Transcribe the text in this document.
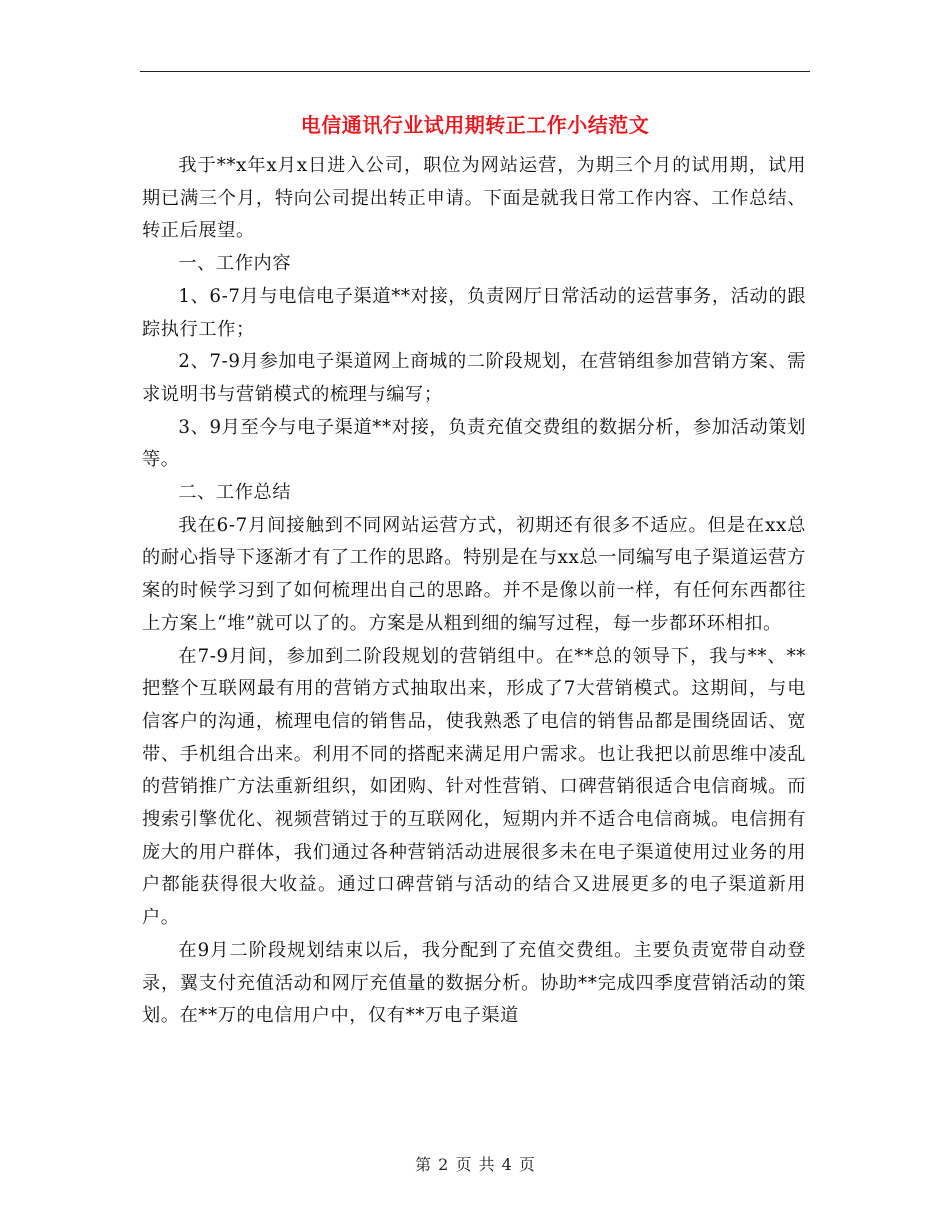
电信通讯行业试用期转正工作小结范文

我于**x年x月x日进入公司，职位为网站运营，为期三个月的试用期，试用期已满三个月，特向公司提出转正申请。下面是就我日常工作内容、工作总结、转正后展望。

一、工作内容

1、6-7月与电信电子渠道**对接，负责网厅日常活动的运营事务，活动的跟踪执行工作；

2、7-9月参加电子渠道网上商城的二阶段规划，在营销组参加营销方案、需求说明书与营销模式的梳理与编写；

3、9月至今与电子渠道**对接，负责充值交费组的数据分析，参加活动策划等。

二、工作总结

我在6-7月间接触到不同网站运营方式，初期还有很多不适应。但是在xx总的耐心指导下逐渐才有了工作的思路。特别是在与xx总一同编写电子渠道运营方案的时候学习到了如何梳理出自己的思路。并不是像以前一样，有任何东西都往上方案上“堆”就可以了的。方案是从粗到细的编写过程，每一步都环环相扣。

在7-9月间，参加到二阶段规划的营销组中。在**总的领导下，我与**、**把整个互联网最有用的营销方式抽取出来，形成了7大营销模式。这期间，与电信客户的沟通，梳理电信的销售品，使我熟悉了电信的销售品都是围绕固话、宽带、手机组合出来。利用不同的搭配来满足用户需求。也让我把以前思维中凌乱的营销推广方法重新组织，如团购、针对性营销、口碑营销很适合电信商城。而搜索引擎优化、视频营销过于的互联网化，短期内并不适合电信商城。电信拥有庞大的用户群体，我们通过各种营销活动进展很多未在电子渠道使用过业务的用户都能获得很大收益。通过口碑营销与活动的结合又进展更多的电子渠道新用户。

在9月二阶段规划结束以后，我分配到了充值交费组。主要负责宽带自动登录，翼支付充值活动和网厅充值量的数据分析。协助**完成四季度营销活动的策划。在**万的电信用户中，仅有**万电子渠道

第 2 页 共 4 页
